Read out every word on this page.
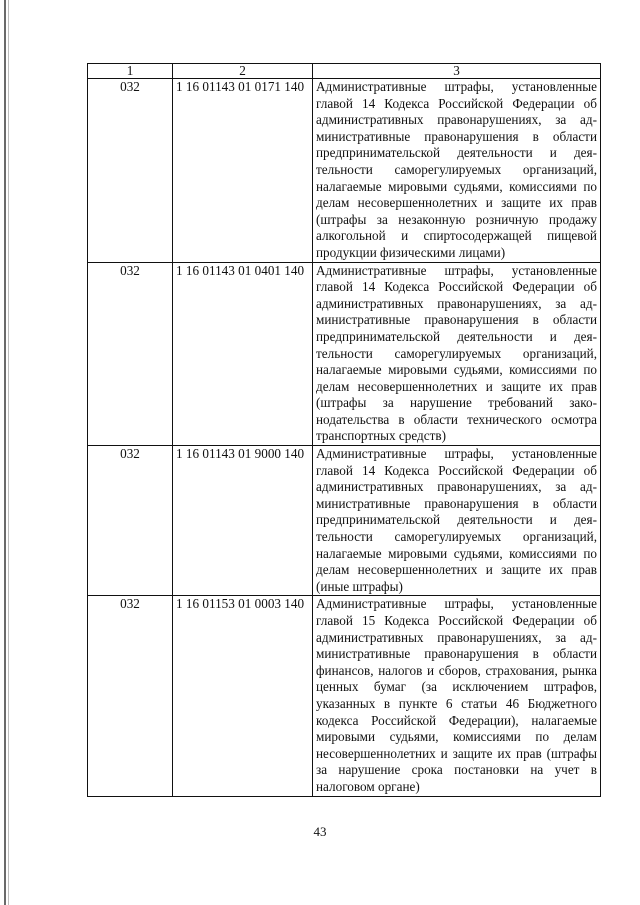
1	2	3
032	1 16 01143 01 0171 140	Административные штрафы, установленные главой 14 Кодекса Российской Федерации об административных правонарушениях, за административные правонарушения в области предпринимательской деятельности и деятельности саморегулируемых организаций, налагаемые мировыми судьями, комиссиями по делам несовершеннолетних и защите их прав (штрафы за незаконную розничную продажу алкогольной и спиртосодержащей пищевой продукции физическими лицами)
032	1 16 01143 01 0401 140	Административные штрафы, установленные главой 14 Кодекса Российской Федерации об административных правонарушениях, за административные правонарушения в области предпринимательской деятельности и деятельности саморегулируемых организаций, налагаемые мировыми судьями, комиссиями по делам несовершеннолетних и защите их прав (штрафы за нарушение требований законодательства в области технического осмотра транспортных средств)
032	1 16 01143 01 9000 140	Административные штрафы, установленные главой 14 Кодекса Российской Федерации об административных правонарушениях, за административные правонарушения в области предпринимательской деятельности и деятельности саморегулируемых организаций, налагаемые мировыми судьями, комиссиями по делам несовершеннолетних и защите их прав (иные штрафы)
032	1 16 01153 01 0003 140	Административные штрафы, установленные главой 15 Кодекса Российской Федерации об административных правонарушениях, за административные правонарушения в области финансов, налогов и сборов, страхования, рынка ценных бумаг (за исключением штрафов, указанных в пункте 6 статьи 46 Бюджетного кодекса Российской Федерации), налагаемые мировыми судьями, комиссиями по делам несовершеннолетних и защите их прав (штрафы за нарушение срока постановки на учет в налоговом органе)
43
